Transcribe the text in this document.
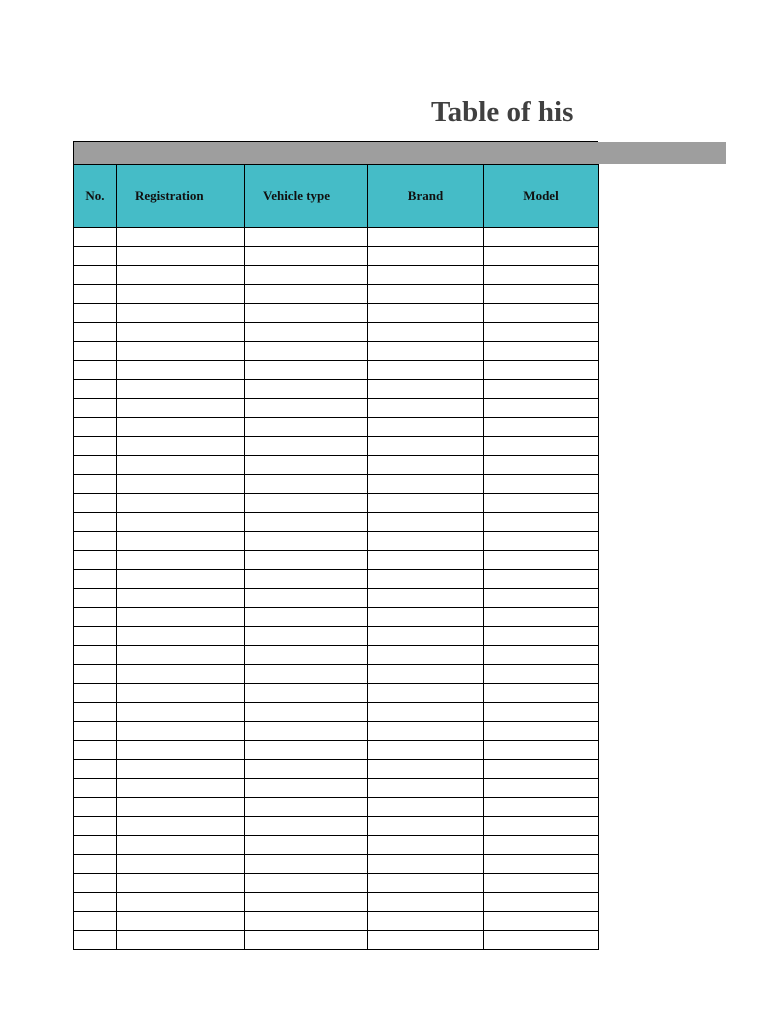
Table of his
No.	Registration	Vehicle type	Brand	Model
